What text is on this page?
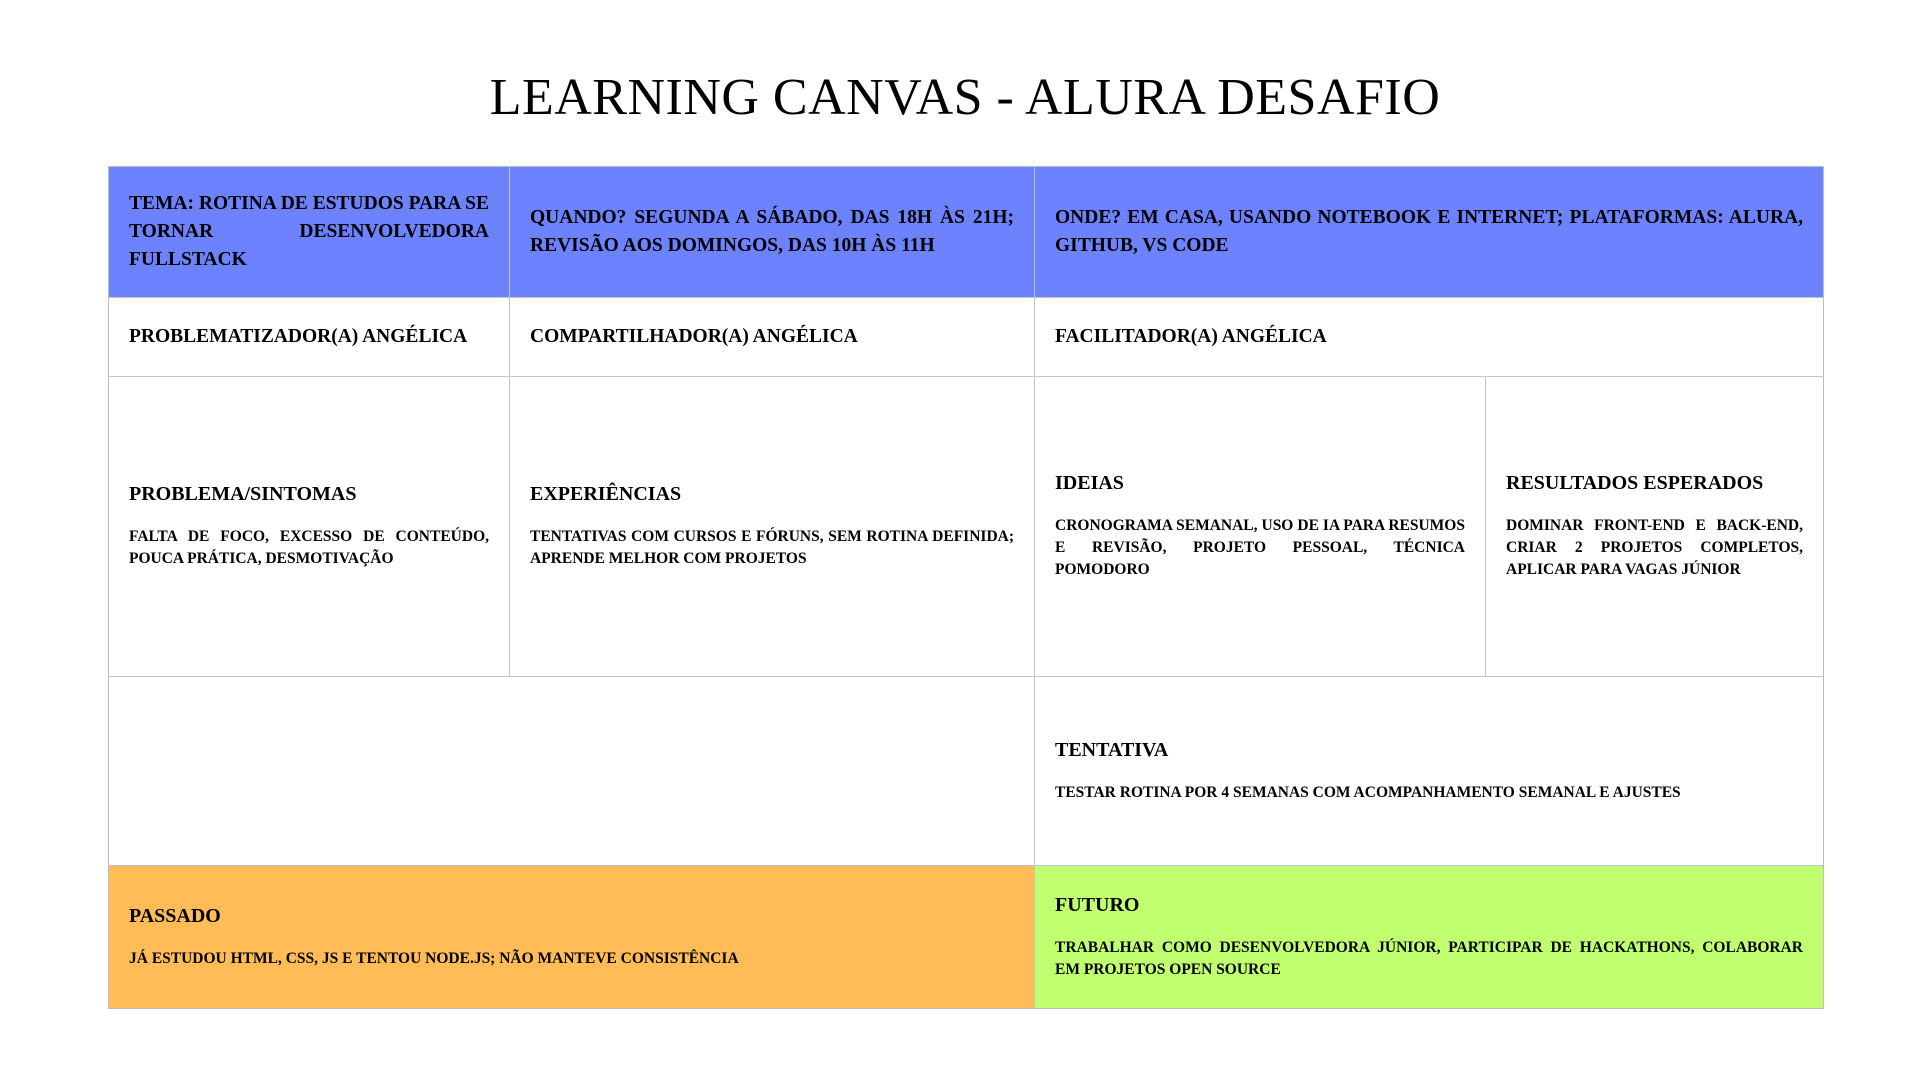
LEARNING CANVAS - ALURA DESAFIO

TEMA: ROTINA DE ESTUDOS PARA SE TORNAR DESENVOLVEDORA FULLSTACK

QUANDO? SEGUNDA A SÁBADO, DAS 18H ÀS 21H; REVISÃO AOS DOMINGOS, DAS 10H ÀS 11H

ONDE? EM CASA, USANDO NOTEBOOK E INTERNET; PLATAFORMAS: ALURA, GITHUB, VS CODE

PROBLEMATIZADOR(A) ANGÉLICA	COMPARTILHADOR(A) ANGÉLICA	FACILITADOR(A) ANGÉLICA

PROBLEMA/SINTOMAS

FALTA DE FOCO, EXCESSO DE CONTEÚDO, POUCA PRÁTICA, DESMOTIVAÇÃO

EXPERIÊNCIAS

TENTATIVAS COM CURSOS E FÓRUNS, SEM ROTINA DEFINIDA; APRENDE MELHOR COM PROJETOS

IDEIAS

CRONOGRAMA SEMANAL, USO DE IA PARA RESUMOS E REVISÃO, PROJETO PESSOAL, TÉCNICA POMODORO

RESULTADOS ESPERADOS

DOMINAR FRONT-END E BACK-END, CRIAR 2 PROJETOS COMPLETOS, APLICAR PARA VAGAS JÚNIOR

TENTATIVA

TESTAR ROTINA POR 4 SEMANAS COM ACOMPANHAMENTO SEMANAL E AJUSTES

PASSADO

JÁ ESTUDOU HTML, CSS, JS E TENTOU NODE.JS; NÃO MANTEVE CONSISTÊNCIA

FUTURO

TRABALHAR COMO DESENVOLVEDORA JÚNIOR, PARTICIPAR DE HACKATHONS, COLABORAR EM PROJETOS OPEN SOURCE
